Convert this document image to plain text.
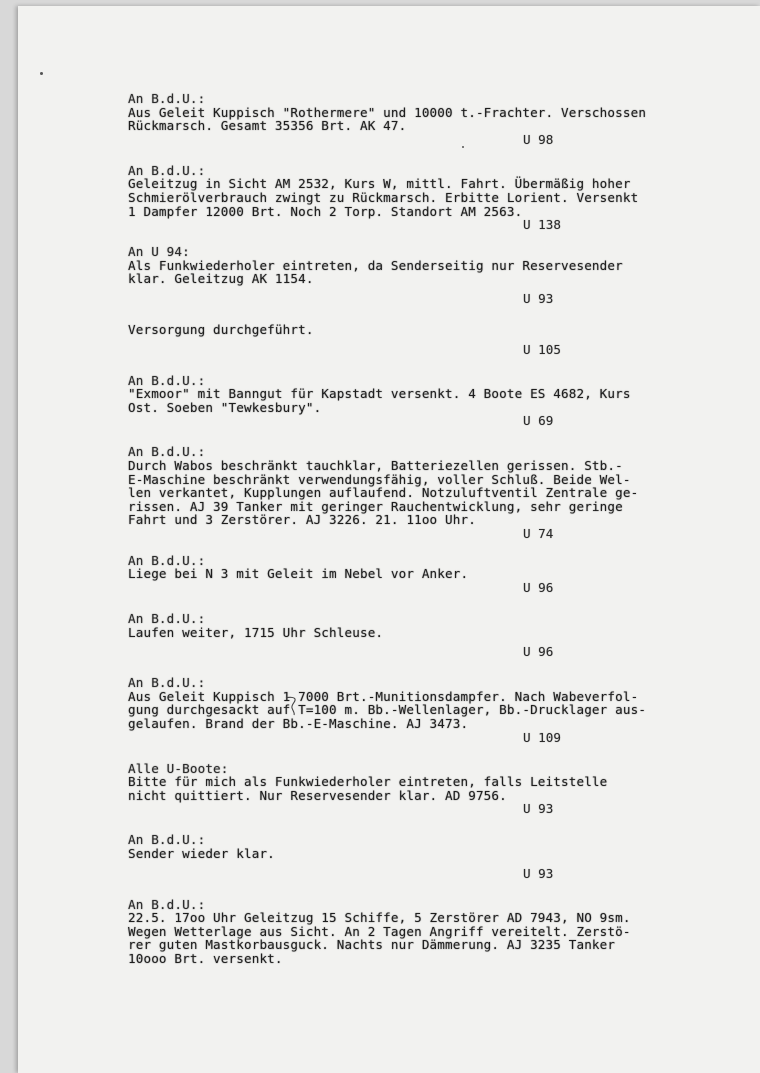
An B.d.U.:
Aus Geleit Kuppisch "Rothermere" und 10000 t.-Frachter. Verschossen
Rückmarsch. Gesamt 35356 Brt. AK 47.
U 98
An B.d.U.:
Geleitzug in Sicht AM 2532, Kurs W, mittl. Fahrt. Übermäßig hoher
Schmierölverbrauch zwingt zu Rückmarsch. Erbitte Lorient. Versenkt
1 Dampfer 12000 Brt. Noch 2 Torp. Standort AM 2563.
U 138
An U 94:
Als Funkwiederholer eintreten, da Senderseitig nur Reservesender
klar. Geleitzug AK 1154.
U 93
Versorgung durchgeführt.
U 105
An B.d.U.:
"Exmoor" mit Banngut für Kapstadt versenkt. 4 Boote ES 4682, Kurs
Ost. Soeben "Tewkesbury".
U 69
An B.d.U.:
Durch Wabos beschränkt tauchklar, Batteriezellen gerissen. Stb.-
E-Maschine beschränkt verwendungsfähig, voller Schluß. Beide Wel-
len verkantet, Kupplungen auflaufend. Notzuluftventil Zentrale ge-
rissen. AJ 39 Tanker mit geringer Rauchentwicklung, sehr geringe
Fahrt und 3 Zerstörer. AJ 3226. 21. 11oo Uhr.
U 74
An B.d.U.:
Liege bei N 3 mit Geleit im Nebel vor Anker.
U 96
An B.d.U.:
Laufen weiter, 1715 Uhr Schleuse.
U 96
An B.d.U.:
Aus Geleit Kuppisch 1 7000 Brt.-Munitionsdampfer. Nach Wabeverfol-
gung durchgesackt auf T=100 m. Bb.-Wellenlager, Bb.-Drucklager aus-
gelaufen. Brand der Bb.-E-Maschine. AJ 3473.
U 109
Alle U-Boote:
Bitte für mich als Funkwiederholer eintreten, falls Leitstelle
nicht quittiert. Nur Reservesender klar. AD 9756.
U 93
An B.d.U.:
Sender wieder klar.
U 93
An B.d.U.:
22.5. 17oo Uhr Geleitzug 15 Schiffe, 5 Zerstörer AD 7943, NO 9sm.
Wegen Wetterlage aus Sicht. An 2 Tagen Angriff vereitelt. Zerstö-
rer guten Mastkorbausguck. Nachts nur Dämmerung. AJ 3235 Tanker
10ooo Brt. versenkt.
